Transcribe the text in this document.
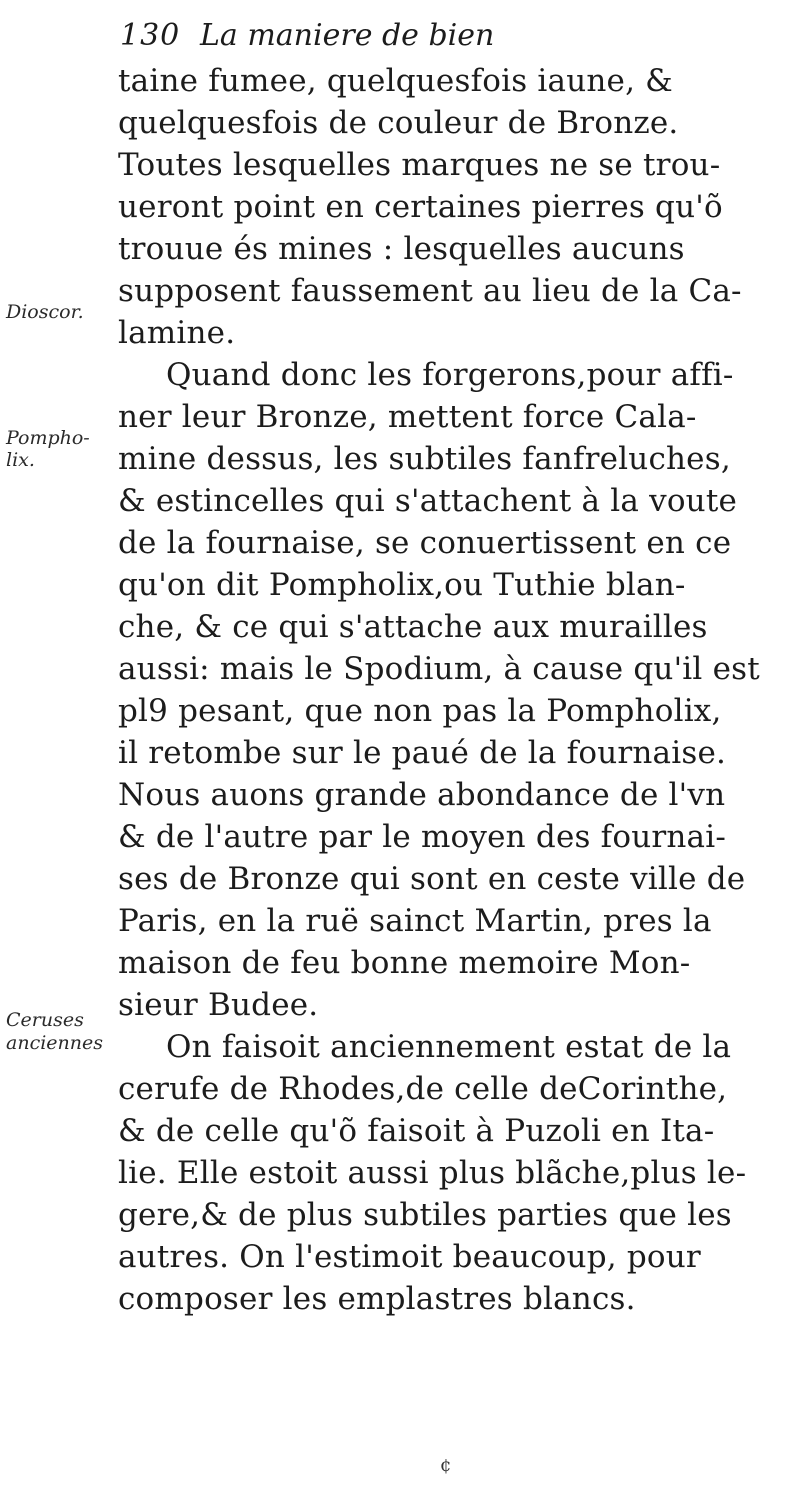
130 La maniere de bien
Dioscor.
Pompho-
lix.
Ceruses
anciennes
taine fumee, quelquesfois iaune, &
quelquesfois de couleur de Bronze.
Toutes lesquelles marques ne se trou-
ueront point en certaines pierres qu'õ
trouue és mines : lesquelles aucuns
supposent faussement au lieu de la Ca-
lamine.
Quand donc les forgerons,pour affi-
ner leur Bronze, mettent force Cala-
mine dessus, les subtiles fanfreluches,
& estincelles qui s'attachent à la voute
de la fournaise, se conuertissent en ce
qu'on dit Pompholix,ou Tuthie blan-
che, & ce qui s'attache aux murailles
aussi: mais le Spodium, à cause qu'il est
pl9 pesant, que non pas la Pompholix,
il retombe sur le paué de la fournaise.
Nous auons grande abondance de l'vn
& de l'autre par le moyen des fournai-
ses de Bronze qui sont en ceste ville de
Paris, en la ruë sainct Martin, pres la
maison de feu bonne memoire Mon-
sieur Budee.
On faisoit anciennement estat de la
cerufe de Rhodes,de celle deCorinthe,
& de celle qu'õ faisoit à Puzoli en Ita-
lie. Elle estoit aussi plus blãche,plus le-
gere,& de plus subtiles parties que les
autres. On l'estimoit beaucoup, pour
composer les emplastres blancs.
¢
